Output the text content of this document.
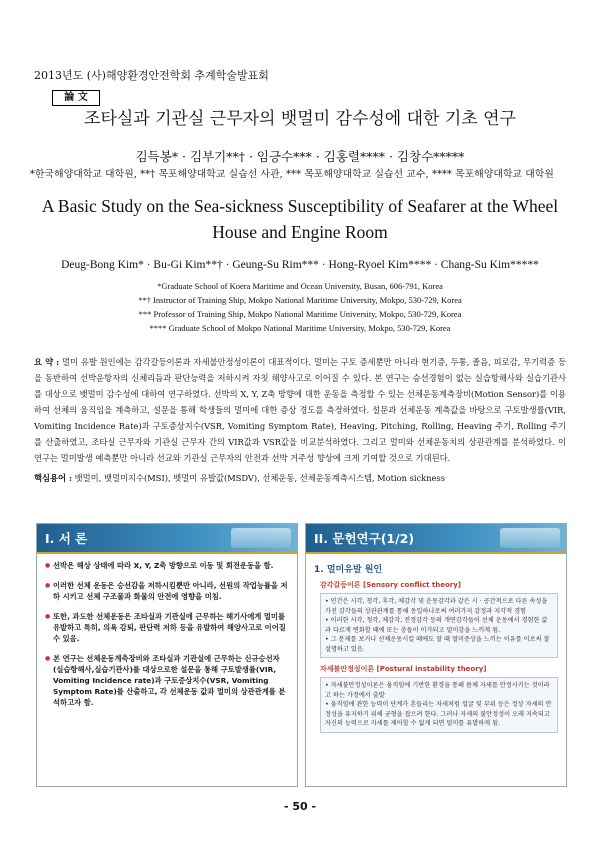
2013년도 (사)해양환경안전학회 추계학술발표회
論 文
조타실과 기관실 근무자의 뱃멀미 감수성에 대한 기초 연구
김득봉* · 김부기**† · 임긍수*** · 김홍렬**** · 김창수*****
*한국해양대학교 대학원, **† 목포해양대학교 실습선 사관, *** 목포해양대학교 실습선 교수, **** 목포해양대학교 대학원
A Basic Study on the Sea-sickness Susceptibility of Seafarer at the Wheel
House and Engine Room
Deug-Bong Kim* · Bu-Gi Kim**† · Geung-Su Rim*** · Hong-Ryoel Kim**** · Chang-Su Kim*****
*Graduate School of Koera Maritime and Ocean University, Busan, 606-791, Korea
**† Instructor of Training Ship, Mokpo National Maritime University, Mokpo, 530-729, Korea
*** Professor of Training Ship, Mokpo National Maritime University, Mokpo, 530-729, Korea
**** Graduate School of Mokpo National Maritime University, Mokpo, 530-729, Korea
요 약 : 멀미 유발 원인에는 감각갈등이론과 자세불안정성이론이 대표적이다. 멀미는 구토 증세뿐만 아니라 현기증, 두통, 졸음, 피로감, 무기력증 등을 동반하여 선박운항자의 신체리듬과 판단능력을 저하시켜 자칫 해양사고로 이어질 수 있다. 본 연구는 승선경험이 없는 실습항해사와 실습기관사를 대상으로 뱃멀미 감수성에 대하여 연구하였다. 선박의 X, Y, Z축 방향에 대한 운동을 측정할 수 있는 선체운동계측장비(Motion Sensor)를 이용하여 선체의 움직임을 계측하고, 설문을 통해 학생들의 멀미에 대한 증상 경도를 측정하였다. 설문과 선체운동 계측값을 바탕으로 구토발생률(VIR, Vomiting Incidence Rate)과 구토증상지수(VSR, Vomiting Symptom Rate), Heaving, Pitching, Rolling, Heaving 주기, Rolling 주기를 산출하였고, 조타실 근무자와 기관실 근무자 간의 VIR값과 VSR값을 비교분석하였다. 그리고 멀미와 선체운동치의 상관관계를 분석하였다. 이 연구는 멀미발생 예측뿐만 아니라 선교와 기관실 근무자의 안전과 선박 거주성 향상에 크게 기여할 것으로 기대된다.
핵심용어 : 뱃멀미, 뱃멀미지수(MSI), 뱃멀미 유발값(MSDV), 선체운동, 선체운동계측시스템, Motion sickness
I. 서 론
● 선박은 해상 상태에 따라 X, Y, Z축 방향으로 이동 및 회전운동을 함.
● 이러한 선체 운동은 승선감을 저하시킴뿐만 아니라, 선원의 작업능률을 저하 시키고 선체 구조물과 화물의 안전에 영향을 미침.
● 또한, 과도한 선체운동은 조타실과 기관실에 근무하는 해기사에게 멀미를 유발하고 특히, 의욕 감퇴, 판단력 저하 등을 유발하여 해양사고로 이어질 수 있음.
● 본 연구는 선체운동계측장비와 조타실과 기관실에 근무하는 신규승선자(실습항해사,실습기관사)를 대상으로한 설문을 통해 구토발생률(VIR, Vomiting Incidence rate)과 구토증상지수(VSR, Vomiting Symptom Rate)를 산출하고, 각 선체운동 값과 멀미의 상관관계를 분석하고자 함.
II. 문헌연구(1/2)
1. 멀미유발 원인
감각갈등이론 [Sensory conflict theory]
• 인간은 시각, 청각, 후각, 체감각 및 운동감각과 같은 시 · 공간적으로 다른 속성을 가진 감각들의 상관관계를 통해 동일하나로써 여러가지 감정과 지각적 경험
• 이러한 시각, 청각, 체감각, 전정감각 등의 개연감각들이 선체 운동에서 경험한 값과 다르게 변화할 때에 또는 충돌이 이가되고 멀미감을 느끼게 됨.
• 그 문제를 보거나 선체운동시킬 때에도 잘 때 멀미증상을 느끼는 이유를 이로써 잘 설명하고 있음.
자세불안정성이론 [Postural instability theory]
• 자세불안정성이론은 움직임에 기반한 환경을 통해 몸체 자세를 안정시키는 것이라고 하는 가정에서 출발
• 움직임에 관한 능력이 단계가 흔들리는 자세처럼 얼굴 및 부위 등은 정상 자세의 안정성을 유지하기 위해 균형을 잡으려 한다. 그러나 자세의 불안정성이 오래 지속되고 자신의 능력으로 자세를 제어할 수 없게 되면 멀미를 유발하게 됨.
- 50 -
